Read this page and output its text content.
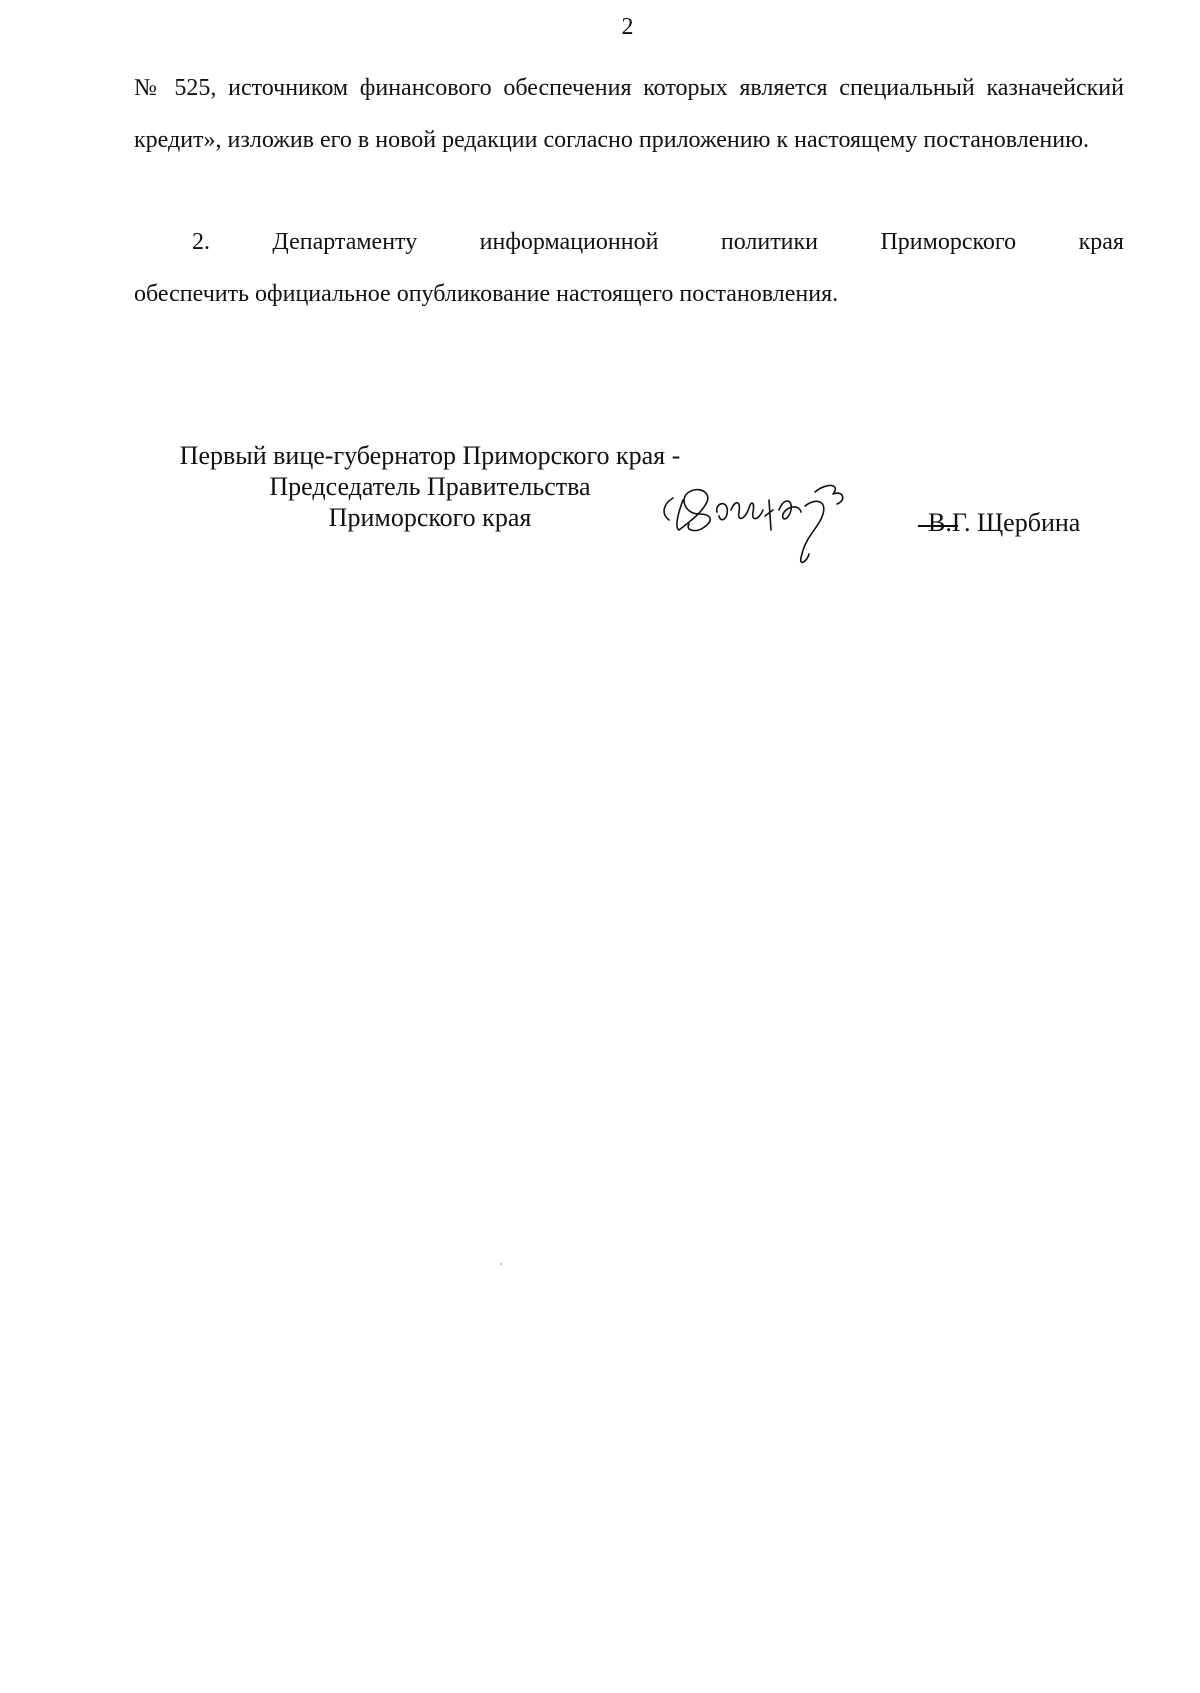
2
№ 525, источником финансового обеспечения которых является специальный казначейский кредит», изложив его в новой редакции согласно приложению к настоящему постановлению.
2.	Департаменту	информационной	политики	Приморского	края
обеспечить официальное опубликование настоящего постановления.
Первый вице-губернатор Приморского края -
Председатель Правительства
Приморского края	В.Г. Щербина
